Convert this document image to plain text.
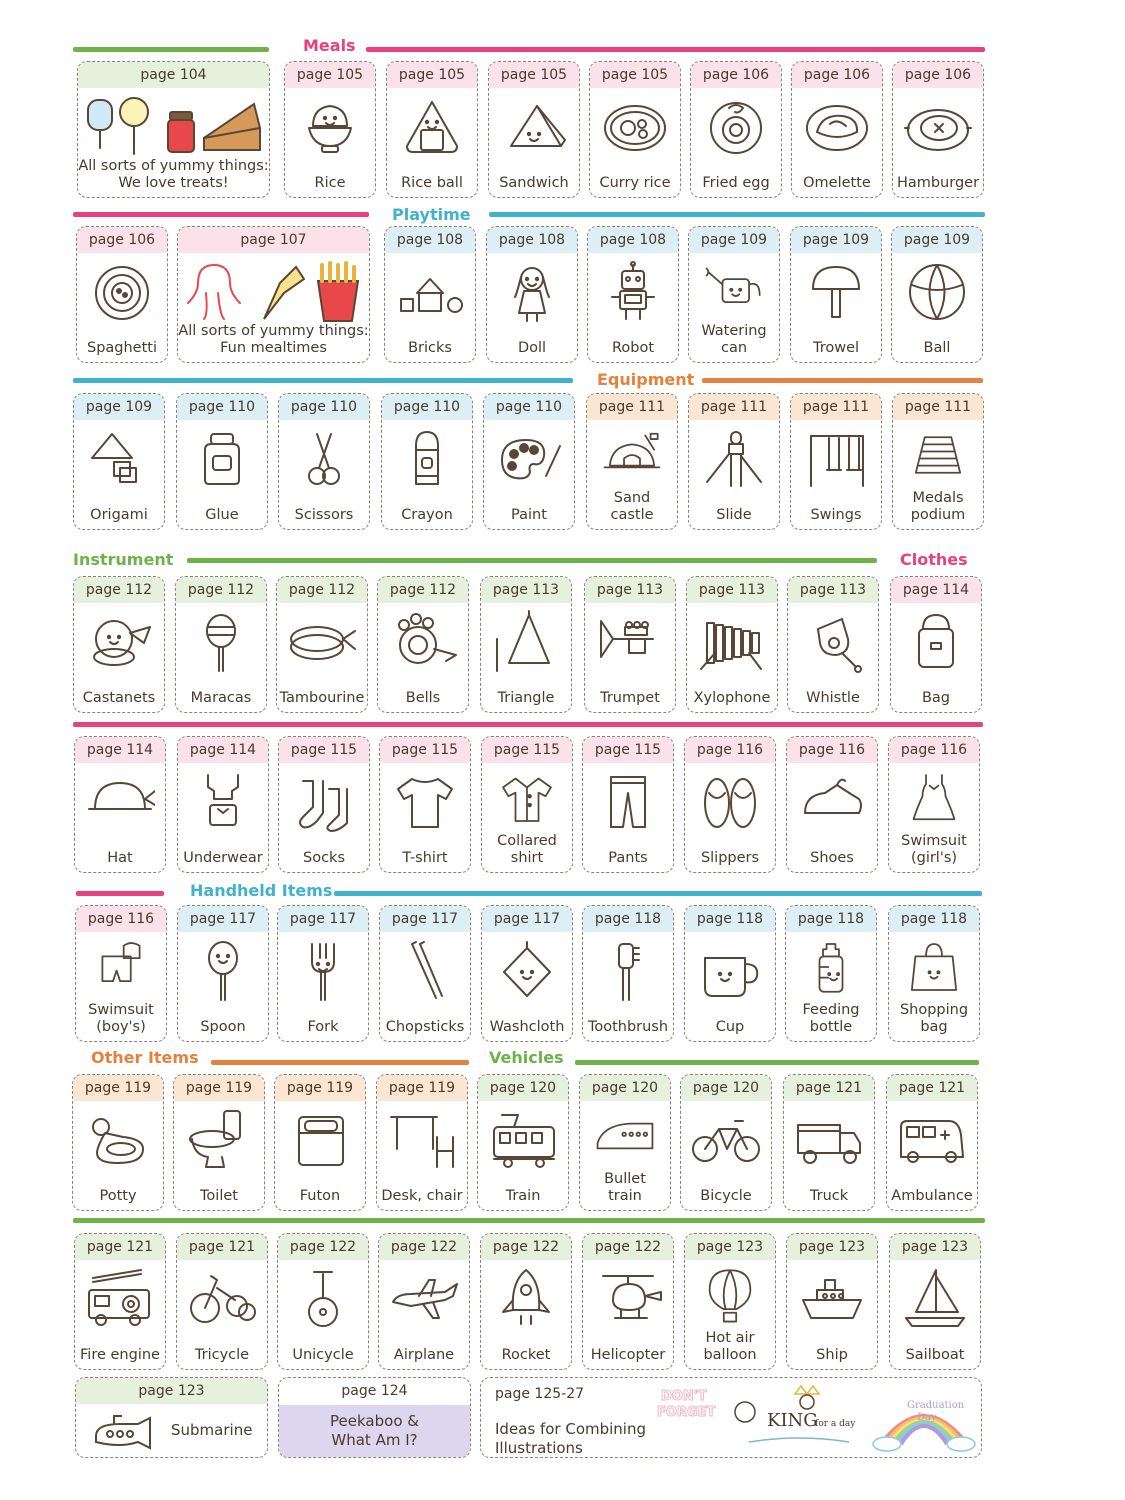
Meals
Playtime
Equipment
Instrument	Clothes
Handheld Items
Other Items	Vehicles
page 104
All sorts of yummy things:
We love treats!
page 105
Rice
page 105
Rice ball
page 105
Sandwich
page 105
Curry rice
page 106
Fried egg
page 106
Omelette
page 106
Hamburger
page 106
Spaghetti
page 107
All sorts of yummy things:
Fun mealtimes
page 108
Bricks
page 108
Doll
page 108
Robot
page 109
Watering
can
page 109
Trowel
page 109
Ball
page 109
Origami
page 110
Glue
page 110
Scissors
page 110
Crayon
page 110
Paint
page 111
Sand
castle
page 111
Slide
page 111
Swings
page 111
Medals
podium
page 112
Castanets
page 112
Maracas
page 112
Tambourine
page 112
Bells
page 113
Triangle
page 113
Trumpet
page 113
Xylophone
page 113
Whistle
page 114
Bag
page 114
Hat
page 114
Underwear
page 115
Socks
page 115
T-shirt
page 115
Collared
shirt
page 115
Pants
page 116
Slippers
page 116
Shoes
page 116
Swimsuit
(girl's)
page 116
Swimsuit
(boy's)
page 117
Spoon
page 117
Fork
page 117
Chopsticks
page 117
Washcloth
page 118
Toothbrush
page 118
Cup
page 118
Feeding
bottle
page 118
Shopping
bag
page 119
Potty
page 119
Toilet
page 119
Futon
page 119
Desk, chair
page 120
Train
page 120
Bullet
train
page 120
Bicycle
page 121
Truck
page 121
Ambulance
page 121
Fire engine
page 121
Tricycle
page 122
Unicycle
page 122
Airplane
page 122
Rocket
page 122
Helicopter
page 123
Hot air
balloon
page 123
Ship
page 123
Sailboat
page 123
Submarine
page 124
Peekaboo &
What Am I?
page 125-27
Ideas for Combining
Illustrations
DON'T
FORGET	KING
for a day
Graduation
Day
